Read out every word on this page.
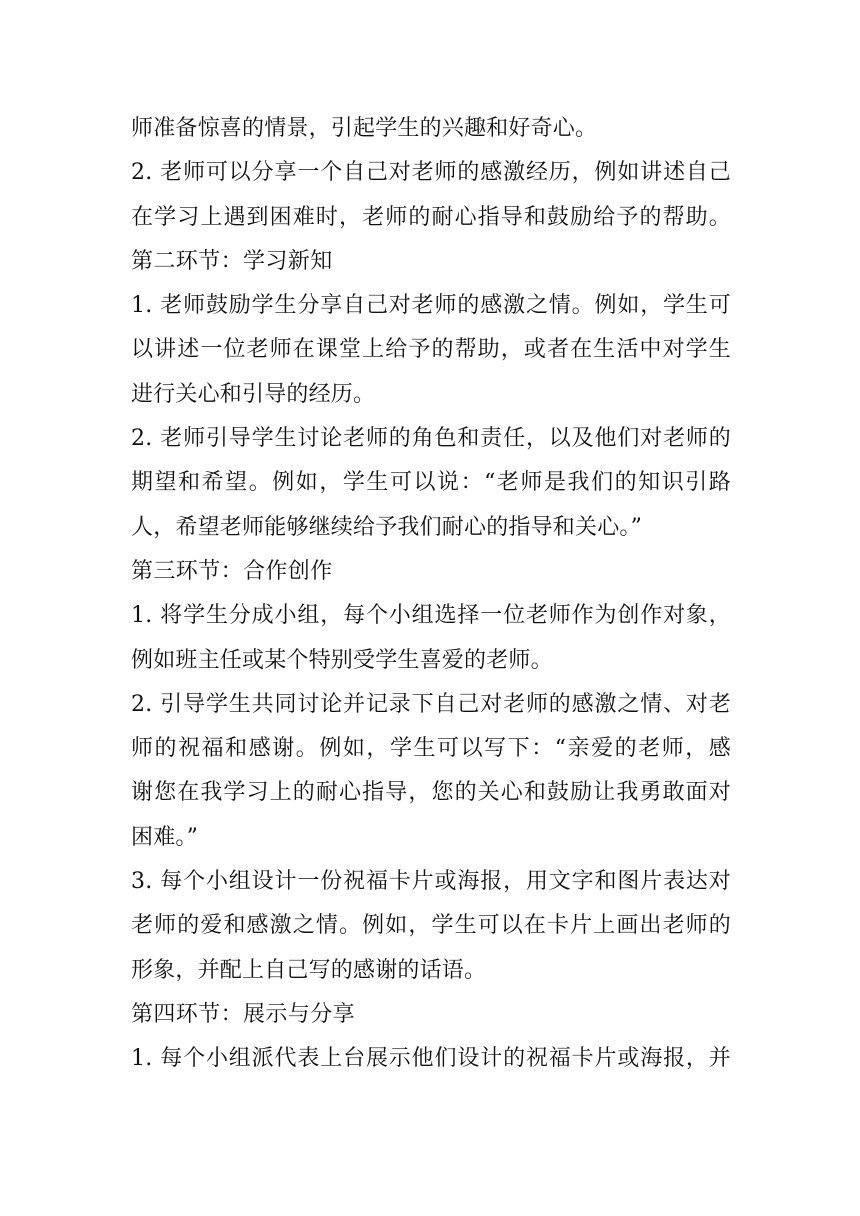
师准备惊喜的情景，引起学生的兴趣和好奇心。
2. 老师可以分享一个自己对老师的感激经历，例如讲述自己
在学习上遇到困难时，老师的耐心指导和鼓励给予的帮助。
第二环节：学习新知
1. 老师鼓励学生分享自己对老师的感激之情。例如，学生可
以讲述一位老师在课堂上给予的帮助，或者在生活中对学生
进行关心和引导的经历。
2. 老师引导学生讨论老师的角色和责任，以及他们对老师的
期望和希望。例如，学生可以说：“老师是我们的知识引路
人，希望老师能够继续给予我们耐心的指导和关心。”
第三环节：合作创作
1. 将学生分成小组，每个小组选择一位老师作为创作对象，
例如班主任或某个特别受学生喜爱的老师。
2. 引导学生共同讨论并记录下自己对老师的感激之情、对老
师的祝福和感谢。例如，学生可以写下：“亲爱的老师，感
谢您在我学习上的耐心指导，您的关心和鼓励让我勇敢面对
困难。”
3. 每个小组设计一份祝福卡片或海报，用文字和图片表达对
老师的爱和感激之情。例如，学生可以在卡片上画出老师的
形象，并配上自己写的感谢的话语。
第四环节：展示与分享
1. 每个小组派代表上台展示他们设计的祝福卡片或海报，并
